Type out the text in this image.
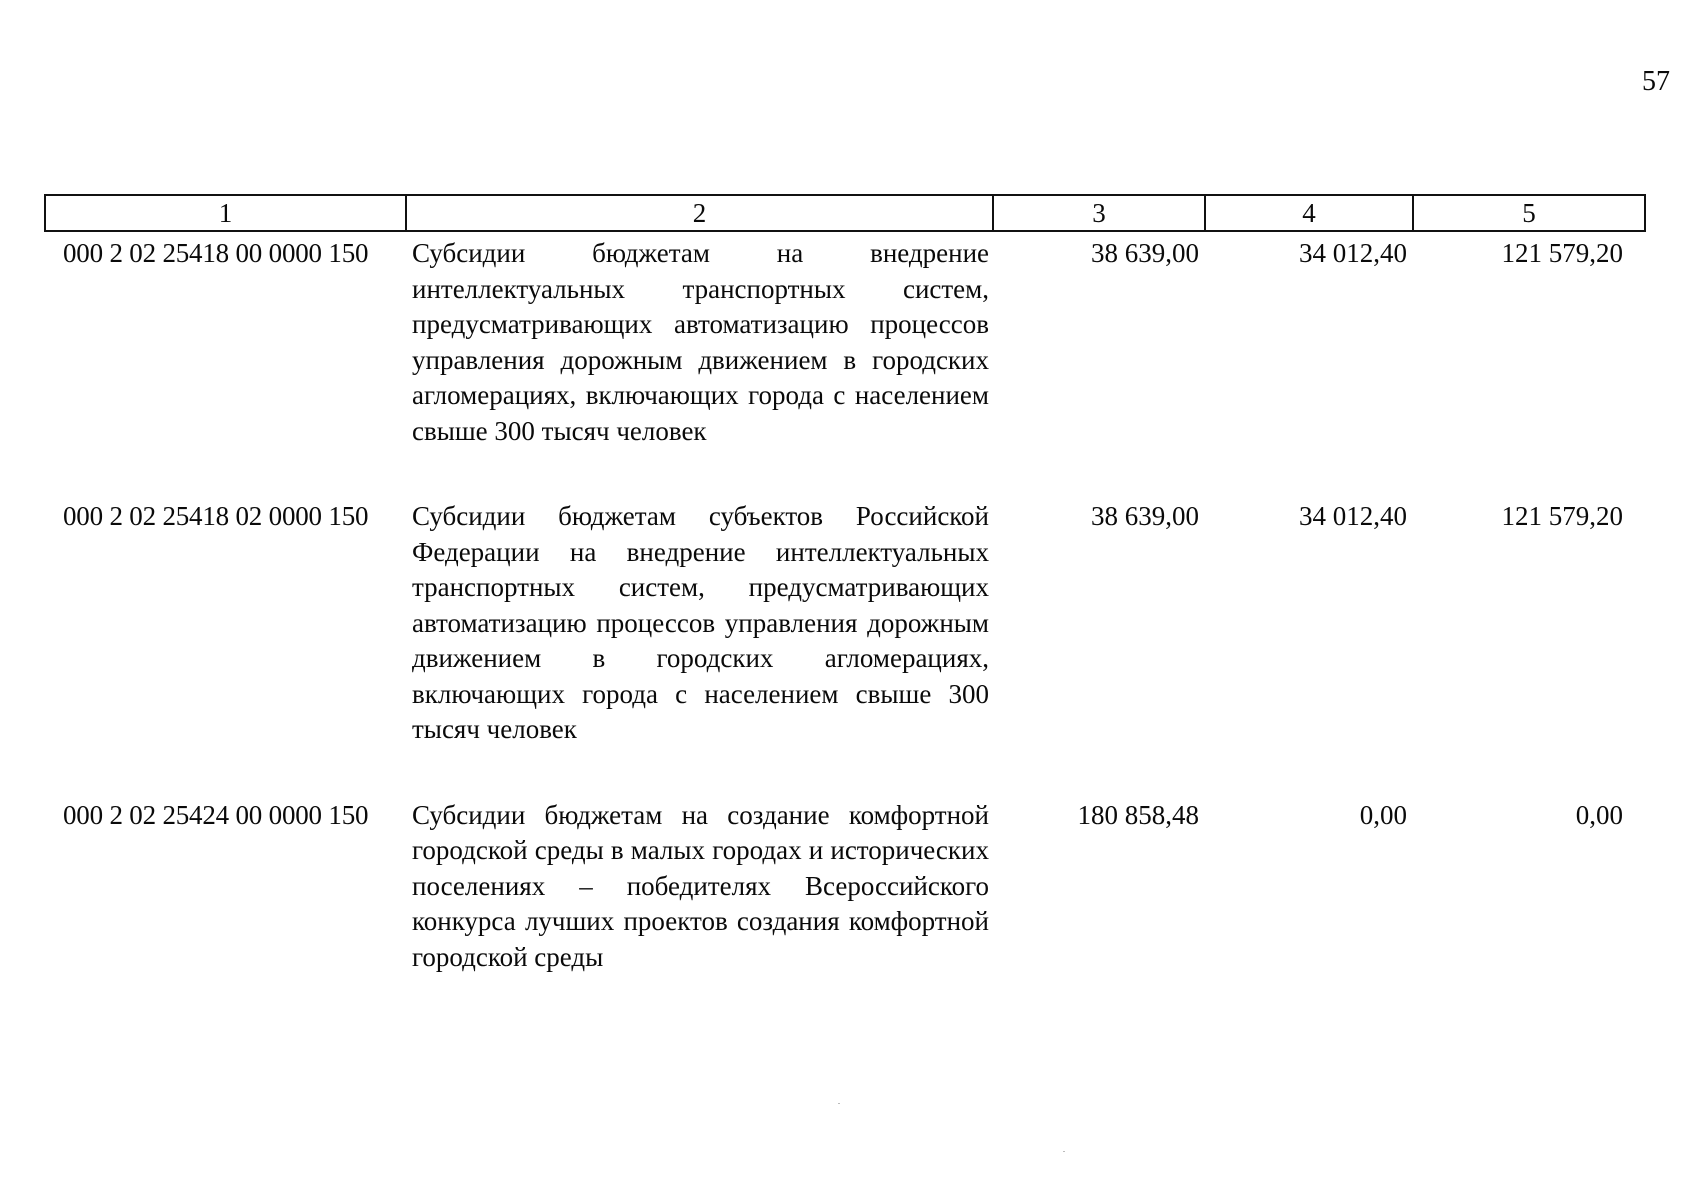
57
1	2	3	4	5
000 2 02 25418 00 0000 150	Субсидии бюджетам на внедрение интеллектуальных транспортных систем, предусматривающих автоматизацию процессов управления дорожным движением в городских агломерациях, включающих города с населением свыше 300 тысяч человек	38 639,00	34 012,40	121 579,20
000 2 02 25418 02 0000 150	Субсидии бюджетам субъектов Российской Федерации на внедрение интеллектуальных транспортных систем, предусматривающих автоматизацию процессов управления дорожным движением в городских агломерациях, включающих города с населением свыше 300 тысяч человек	38 639,00	34 012,40	121 579,20
000 2 02 25424 00 0000 150	Субсидии бюджетам на создание комфортной городской среды в малых городах и исторических поселениях – победителях Всероссийского конкурса лучших проектов создания комфортной городской среды	180 858,48	0,00	0,00
